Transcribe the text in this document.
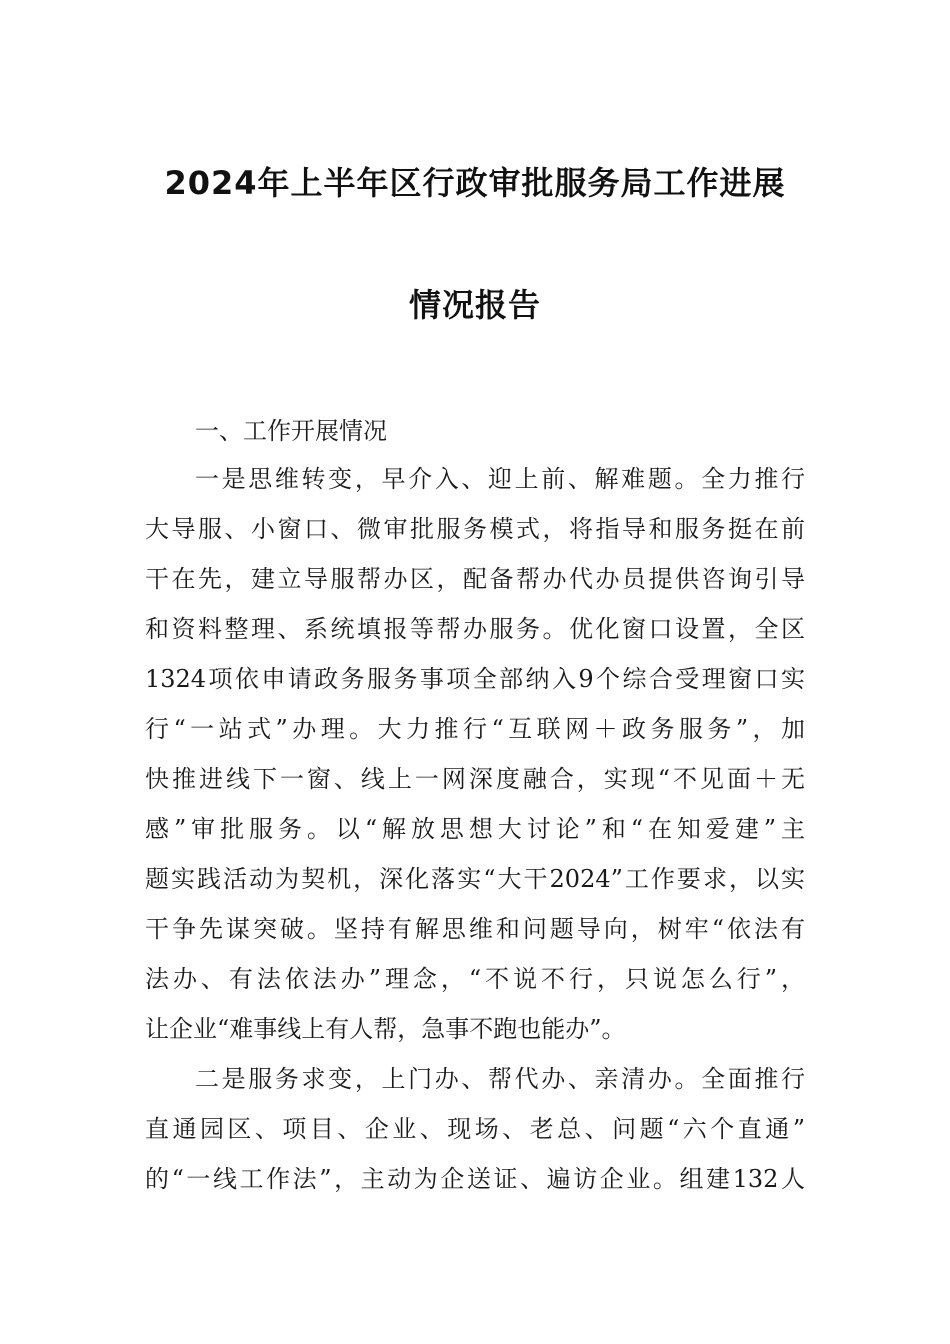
2024年上半年区行政审批服务局工作进展
情况报告
一、工作开展情况
一是思维转变，早介入、迎上前、解难题。全力推行
大导服、小窗口、微审批服务模式，将指导和服务挺在前
干在先，建立导服帮办区，配备帮办代办员提供咨询引导
和资料整理、系统填报等帮办服务。优化窗口设置，全区
1324项依申请政务服务事项全部纳入9个综合受理窗口实
行“一站式”办理。大力推行“互联网＋政务服务”，加
快推进线下一窗、线上一网深度融合，实现“不见面＋无
感”审批服务。以“解放思想大讨论”和“在知爱建”主
题实践活动为契机，深化落实“大干2024”工作要求，以实
干争先谋突破。坚持有解思维和问题导向，树牢“依法有
法办、有法依法办”理念，“不说不行，只说怎么行”，
让企业“难事线上有人帮，急事不跑也能办”。
二是服务求变，上门办、帮代办、亲清办。全面推行
直通园区、项目、企业、现场、老总、问题“六个直通”
的“一线工作法”，主动为企送证、遍访企业。组建132人
